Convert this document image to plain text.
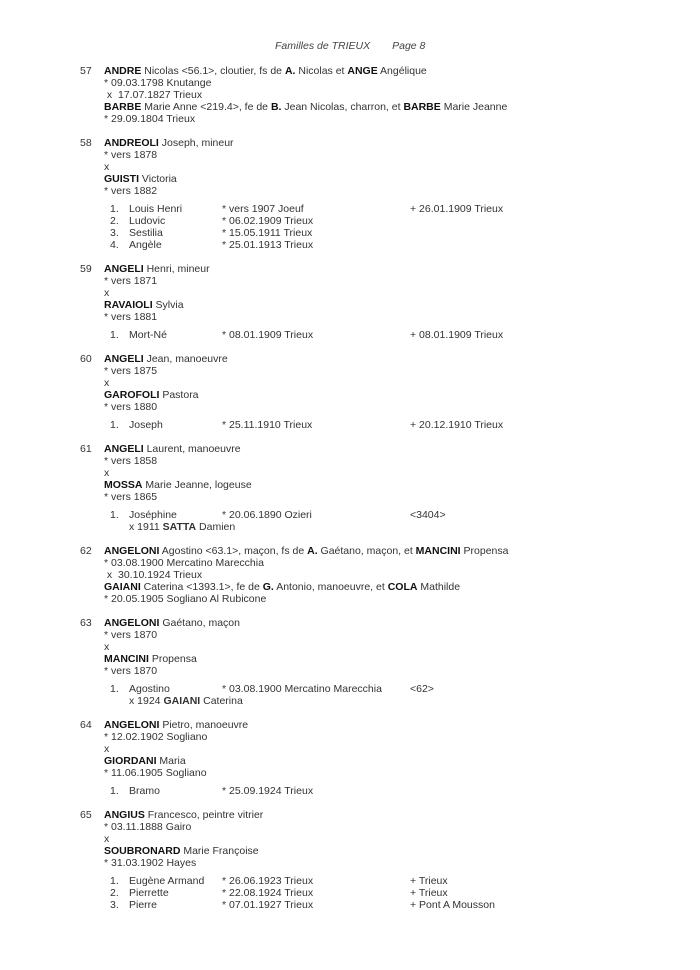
Familles de TRIEUX Page 8
57 ANDRE Nicolas <56.1>, cloutier, fs de A. Nicolas et ANGE Angélique
* 09.03.1798 Knutange
x  17.07.1827 Trieux
BARBE Marie Anne <219.4>, fe de B. Jean Nicolas, charron, et BARBE Marie Jeanne
* 29.09.1804 Trieux
58 ANDREOLI Joseph, mineur
* vers 1878
x
GUISTI Victoria
* vers 1882
1. Louis Henri	* vers 1907 Joeuf	+ 26.01.1909 Trieux
2. Ludovic	* 06.02.1909 Trieux
3. Sestilia	* 15.05.1911 Trieux
4. Angèle	* 25.01.1913 Trieux
59 ANGELI Henri, mineur
* vers 1871
x
RAVAIOLI Sylvia
* vers 1881
1. Mort-Né	* 08.01.1909 Trieux	+ 08.01.1909 Trieux
60 ANGELI Jean, manoeuvre
* vers 1875
x
GAROFOLI Pastora
* vers 1880
1. Joseph	* 25.11.1910 Trieux	+ 20.12.1910 Trieux
61 ANGELI Laurent, manoeuvre
* vers 1858
x
MOSSA Marie Jeanne, logeuse
* vers 1865
1. Joséphine	* 20.06.1890 Ozieri	<3404>
x 1911 SATTA Damien
62 ANGELONI Agostino <63.1>, maçon, fs de A. Gaétano, maçon, et MANCINI Propensa
* 03.08.1900 Mercatino Marecchia
x  30.10.1924 Trieux
GAIANI Caterina <1393.1>, fe de G. Antonio, manoeuvre, et COLA Mathilde
* 20.05.1905 Sogliano Al Rubicone
63 ANGELONI Gaétano, maçon
* vers 1870
x
MANCINI Propensa
* vers 1870
1. Agostino	* 03.08.1900 Mercatino Marecchia	<62>
x 1924 GAIANI Caterina
64 ANGELONI Pietro, manoeuvre
* 12.02.1902 Sogliano
x
GIORDANI Maria
* 11.06.1905 Sogliano
1. Bramo	* 25.09.1924 Trieux
65 ANGIUS Francesco, peintre vitrier
* 03.11.1888 Gairo
x
SOUBRONARD Marie Françoise
* 31.03.1902 Hayes
1. Eugène Armand * 26.06.1923 Trieux	+ Trieux
2. Pierrette	* 22.08.1924 Trieux	+ Trieux
3. Pierre	* 07.01.1927 Trieux	+ Pont A Mousson
